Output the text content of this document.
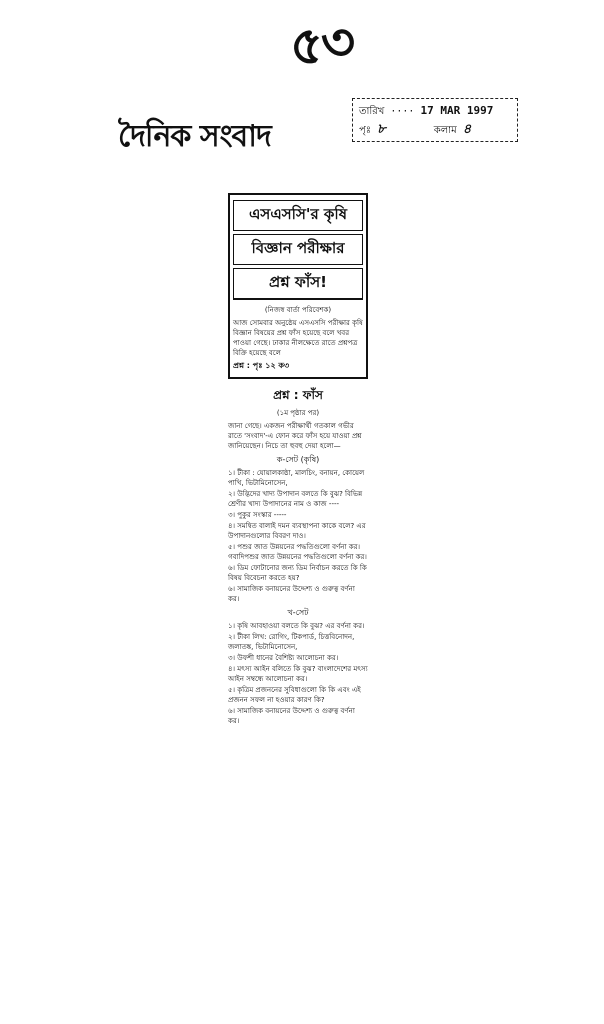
৫৩
দৈনিক সংবাদ
তারিখ ···· 17 MAR 1997
পৃঃ ৮	কলাম ৪
এসএসসি'র কৃষি
বিজ্ঞান পরীক্ষার
প্রশ্ন ফাঁস!
(নিজস্ব বার্তা পরিবেশক)
আজ সোমবার অনুষ্ঠেয় এসএসসি পরীক্ষার কৃষি বিজ্ঞান বিষয়ের প্রশ্ন ফাঁস হয়েছে বলে খবর পাওয়া গেছে। ঢাকার নীলক্ষেতে রাতে প্রশ্নপত্র বিক্রি হয়েছে বলে
প্রশ্ন : পৃঃ ১২ ক৩
প্রশ্ন : ফাঁস
(১ম পৃষ্ঠার পর)
জানা গেছে। একজন পরীক্ষার্থী গতকাল গভীর রাতে 'সংবাদ'-এ ফোন করে ফাঁস হয়ে যাওয়া প্রশ্ন জানিয়েছেন। নিচে তা হুবহু দেয়া হলো—
ক-সেট (কৃষি)
১। টীকা : যোয়ালকাষ্ঠা, মালচিং, বনায়ন, কোয়েল পাখি, ভিটামিনোসেন,
২। উদ্ভিদের খাদ্য উপাদান বলতে কি বুঝ? বিভিন্ন শ্রেণীর খাদ্য উপাদানের নাম ও কাজ ----
৩। পুকুর সংস্কার -----
৪। সমন্বিত বালাই দমন ব্যবস্থাপনা কাকে বলে? এর উপাদানগুলোর বিবরণ দাও।
৫। পশুর জাত উন্নয়নের পদ্ধতিগুলো বর্ণনা কর। গবাদিপশুর জাত উন্নয়নের পদ্ধতিগুলো বর্ণনা কর।
৬। ডিম ফোটানোর জন্য ডিম নির্বাচন করতে কি কি বিষয় বিবেচনা করতে হয়?
৬। সামাজিক বনায়নের উদ্দেশ্য ও গুরুত্ব বর্ণনা কর।
খ-সেট
১। কৃষি আবহাওয়া বলতে কি বুঝ? এর বর্ণনা কর।
২। টীকা লিখ: রোগিং, টিকপার্ড, চিত্তবিনোদন, জলাতঙ্ক, ভিটামিনোসেন,
৩। উফশী ধানের বৈশিষ্ট্য আলোচনা কর।
৪। মৎস্য আইন বলিতে কি বুঝ? বাংলাদেশের মৎস্য আইন সম্বন্ধে আলোচনা কর।
৫। কৃত্রিম প্রজননের সুবিধাগুলো কি কি এবং এই প্রজনন সফল না হওয়ার কারণ কি?
৬। সামাজিক বনায়নের উদ্দেশ্য ও গুরুত্ব বর্ণনা কর।
